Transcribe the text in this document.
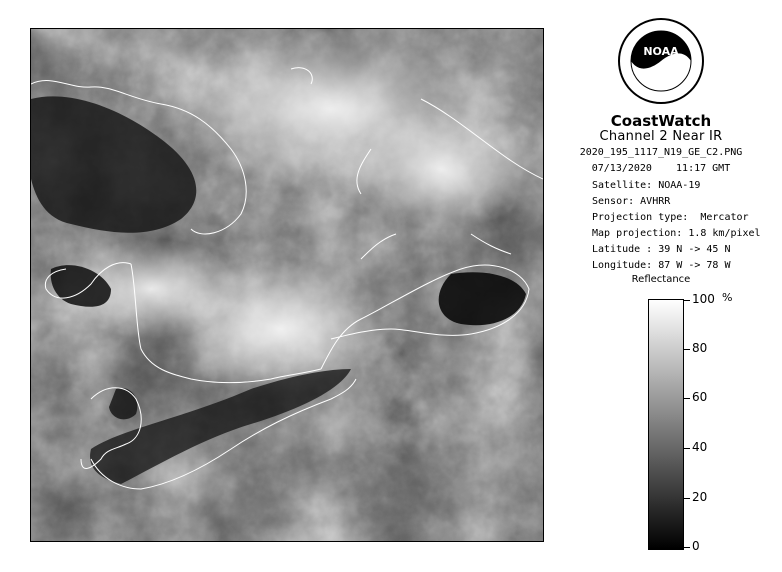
NOAA
CoastWatch
Channel 2 Near IR
2020_195_1117_N19_GE_C2.PNG
07/13/2020    11:17 GMT
Satellite: NOAA-19
Sensor: AVHRR
Projection type:  Mercator
Map projection: 1.8 km/pixel
Latitude : 39 N -> 45 N
Longitude: 87 W -> 78 W
Reflectance
%
100
80
60
40
20
0
